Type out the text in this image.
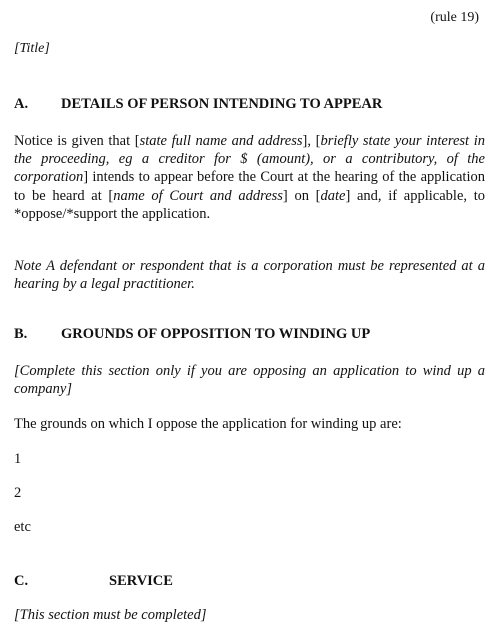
(rule 19)

[Title]

A. DETAILS OF PERSON INTENDING TO APPEAR

Notice is given that [state full name and address], [briefly state your interest in the proceeding, eg a creditor for $ (amount), or a contributory, of the corporation] intends to appear before the Court at the hearing of the application to be heard at [name of Court and address] on [date] and, if applicable, to *oppose/*support the application.

Note A defendant or respondent that is a corporation must be represented at a hearing by a legal practitioner.

B. GROUNDS OF OPPOSITION TO WINDING UP

[Complete this section only if you are opposing an application to wind up a company]

The grounds on which I oppose the application for winding up are:

1

2

etc

C.	SERVICE

[This section must be completed]
